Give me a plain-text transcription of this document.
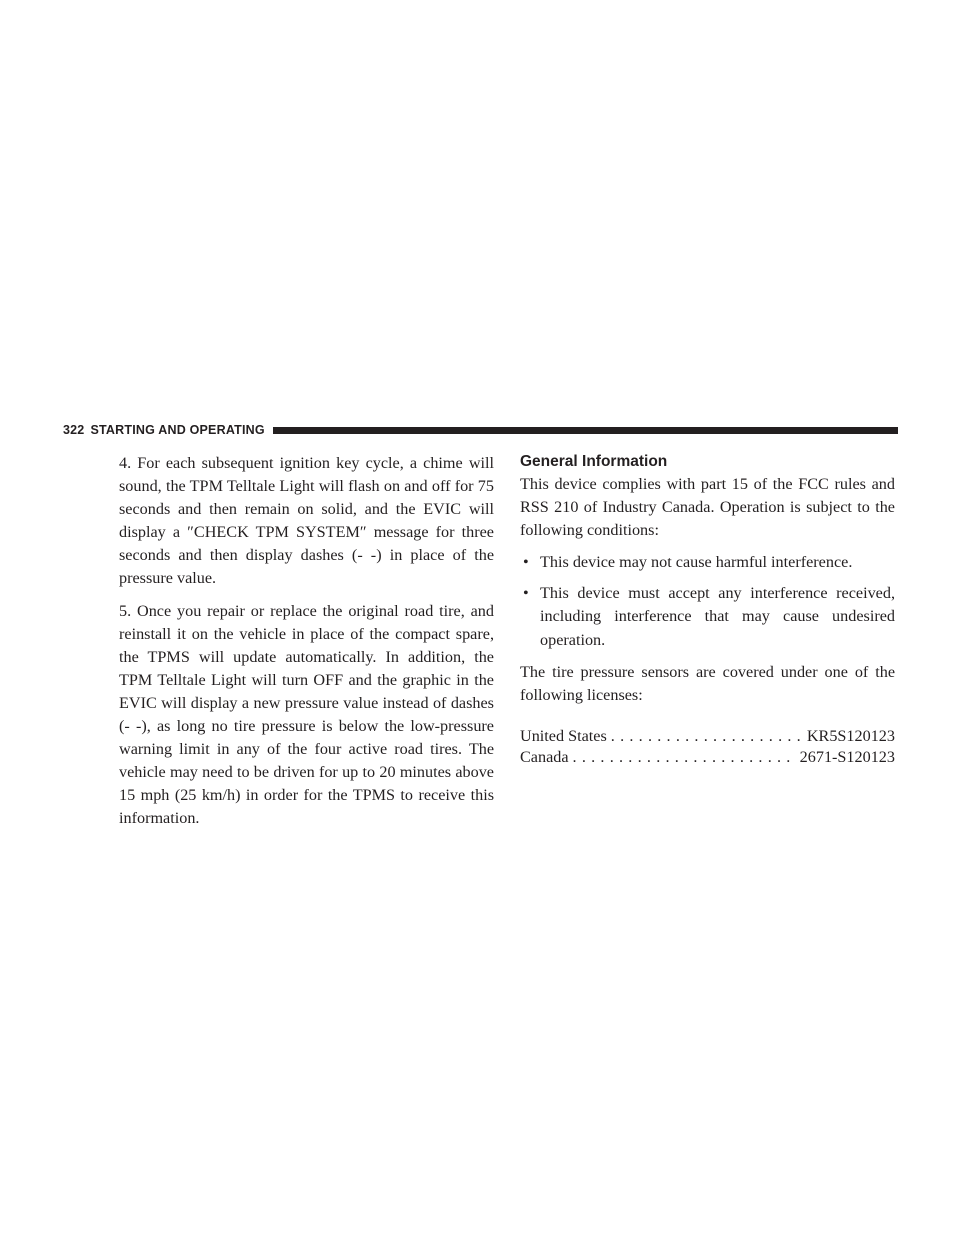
322 STARTING AND OPERATING

4. For each subsequent ignition key cycle, a chime will sound, the TPM Telltale Light will flash on and off for 75 seconds and then remain on solid, and the EVIC will display a ″CHECK TPM SYSTEM″ message for three seconds and then display dashes (- -) in place of the pressure value.

5. Once you repair or replace the original road tire, and reinstall it on the vehicle in place of the compact spare, the TPMS will update automatically. In addition, the TPM Telltale Light will turn OFF and the graphic in the EVIC will display a new pressure value instead of dashes (- -), as long no tire pressure is below the low-pressure warning limit in any of the four active road tires. The vehicle may need to be driven for up to 20 minutes above 15 mph (25 km/h) in order for the TPMS to receive this information.

General Information

This device complies with part 15 of the FCC rules and RSS 210 of Industry Canada. Operation is subject to the following conditions:

• This device may not cause harmful interference.
• This device must accept any interference received, including interference that may cause undesired operation.

The tire pressure sensors are covered under one of the following licenses:

United States . . .	KR5S120123
Canada . . .	2671-S120123
